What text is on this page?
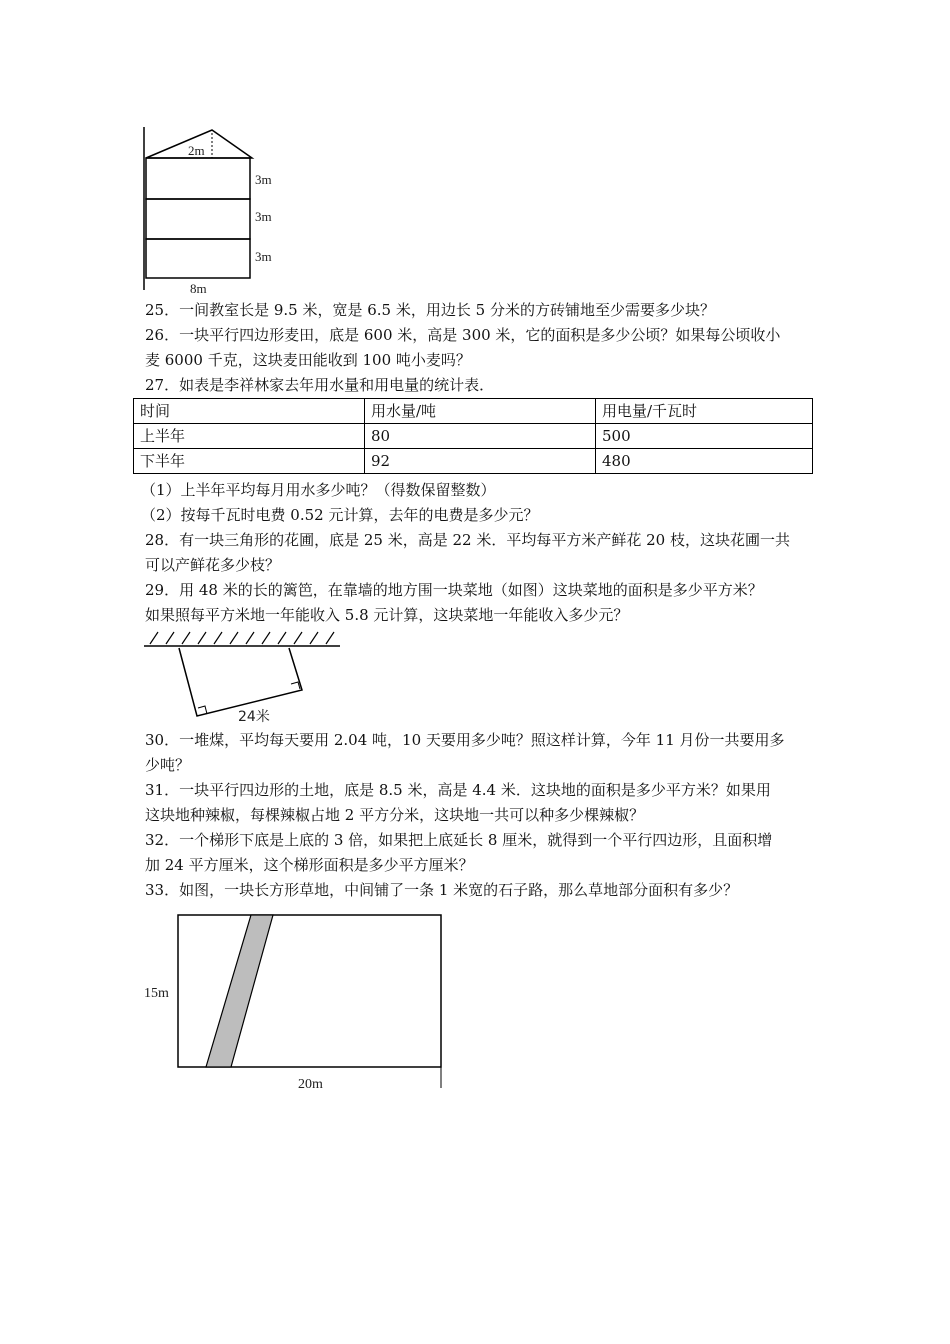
2m
3m
3m
3m
8m
25．一间教室长是 9.5 米，宽是 6.5 米，用边长 5 分米的方砖铺地至少需要多少块？
26．一块平行四边形麦田，底是 600 米，高是 300 米，它的面积是多少公顷？如果每公顷收小
麦 6000 千克，这块麦田能收到 100 吨小麦吗？
27．如表是李祥林家去年用水量和用电量的统计表．
时间	用水量/吨	用电量/千瓦时
上半年	80	500
下半年	92	480
（1）上半年平均每月用水多少吨？（得数保留整数）
（2）按每千瓦时电费 0.52 元计算，去年的电费是多少元？
28．有一块三角形的花圃，底是 25 米，高是 22 米．平均每平方米产鲜花 20 枝，这块花圃一共
可以产鲜花多少枝？
29．用 48 米的长的篱笆，在靠墙的地方围一块菜地（如图）这块菜地的面积是多少平方米？
如果照每平方米地一年能收入 5.8 元计算，这块菜地一年能收入多少元？
24米
30．一堆煤，平均每天要用 2.04 吨，10 天要用多少吨？照这样计算，今年 11 月份一共要用多
少吨？
31．一块平行四边形的土地，底是 8.5 米，高是 4.4 米．这块地的面积是多少平方米？如果用
这块地种辣椒，每棵辣椒占地 2 平方分米，这块地一共可以种多少棵辣椒？
32．一个梯形下底是上底的 3 倍，如果把上底延长 8 厘米，就得到一个平行四边形，且面积增
加 24 平方厘米，这个梯形面积是多少平方厘米？
33．如图，一块长方形草地，中间铺了一条 1 米宽的石子路，那么草地部分面积有多少？
15m
20m
